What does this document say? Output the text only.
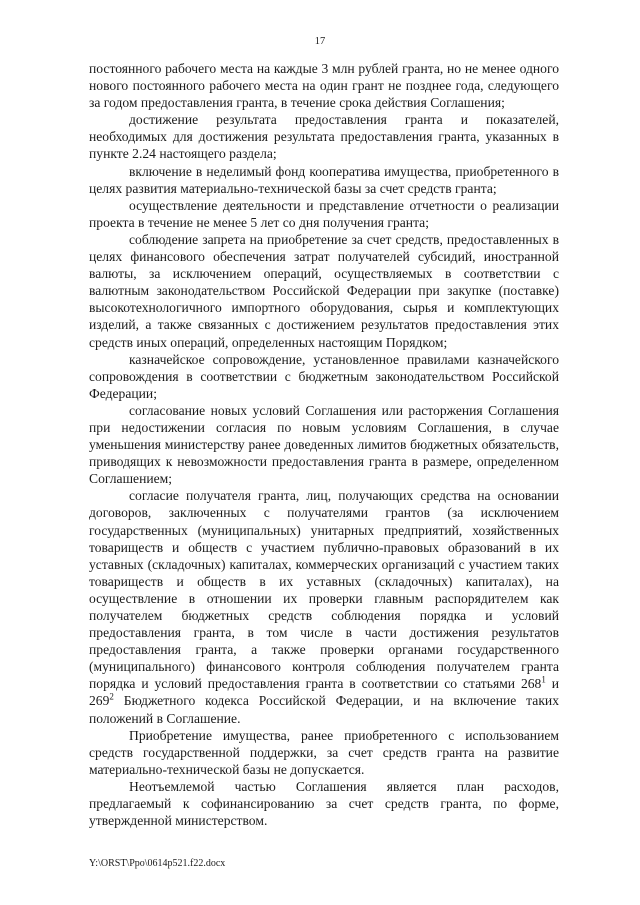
17

постоянного рабочего места на каждые 3 млн рублей гранта, но не менее одного нового постоянного рабочего места на один грант не позднее года, следующего за годом предоставления гранта, в течение срока действия Соглашения;

достижение результата предоставления гранта и показателей, необходимых для достижения результата предоставления гранта, указанных в пункте 2.24 настоящего раздела;

включение в неделимый фонд кооператива имущества, приобретенного в целях развития материально-технической базы за счет средств гранта;

осуществление деятельности и представление отчетности о реализации проекта в течение не менее 5 лет со дня получения гранта;

соблюдение запрета на приобретение за счет средств, предоставленных в целях финансового обеспечения затрат получателей субсидий, иностранной валюты, за исключением операций, осуществляемых в соответствии с валютным законодательством Российской Федерации при закупке (поставке) высокотехнологичного импортного оборудования, сырья и комплектующих изделий, а также связанных с достижением результатов предоставления этих средств иных операций, определенных настоящим Порядком;

казначейское сопровождение, установленное правилами казначейского сопровождения в соответствии с бюджетным законодательством Российской Федерации;

согласование новых условий Соглашения или расторжения Соглашения при недостижении согласия по новым условиям Соглашения, в случае уменьшения министерству ранее доведенных лимитов бюджетных обязательств, приводящих к невозможности предоставления гранта в размере, определенном Соглашением;

согласие получателя гранта, лиц, получающих средства на основании договоров, заключенных с получателями грантов (за исключением государственных (муниципальных) унитарных предприятий, хозяйственных товариществ и обществ с участием публично-правовых образований в их уставных (складочных) капиталах, коммерческих организаций с участием таких товариществ и обществ в их уставных (складочных) капиталах), на осуществление в отношении их проверки главным распорядителем как получателем бюджетных средств соблюдения порядка и условий предоставления гранта, в том числе в части достижения результатов предоставления гранта, а также проверки органами государственного (муниципального) финансового контроля соблюдения получателем гранта порядка и условий предоставления гранта в соответствии со статьями $268^1$ и $269^2$ Бюджетного кодекса Российской Федерации, и на включение таких положений в Соглашение.

Приобретение имущества, ранее приобретенного с использованием средств государственной поддержки, за счет средств гранта на развитие материально-технической базы не допускается.

Неотъемлемой частью Соглашения является план расходов, предлагаемый к софинансированию за счет средств гранта, по форме, утвержденной министерством.

Y:\ORST\Ppo\0614p521.f22.docx
